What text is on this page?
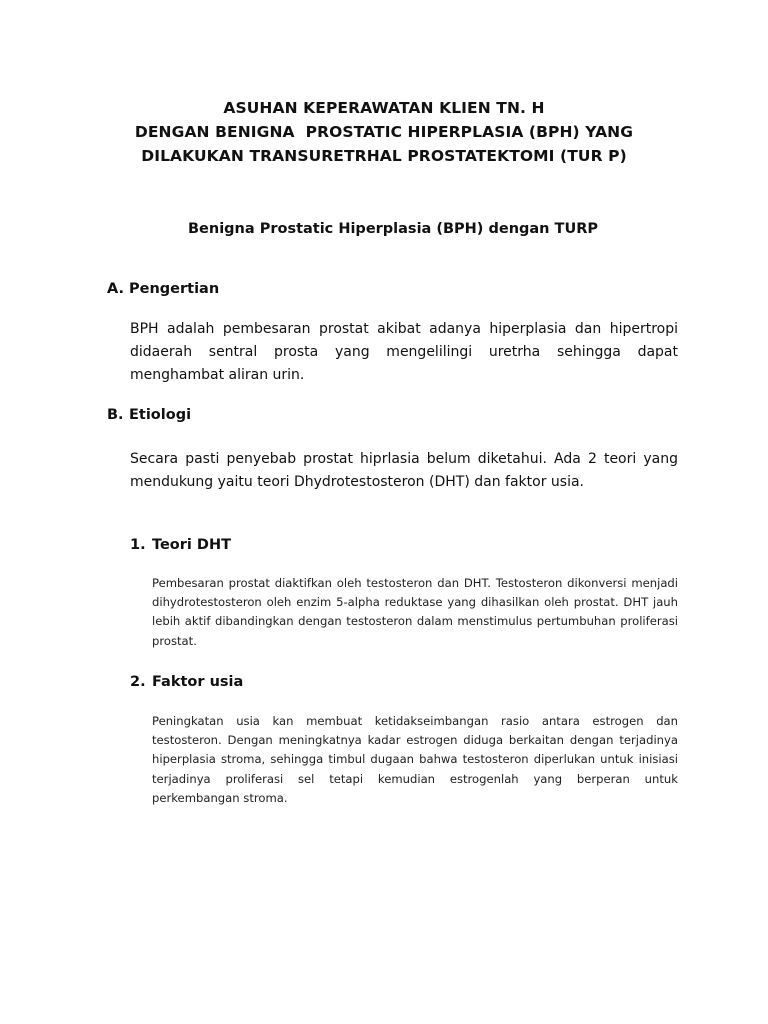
ASUHAN KEPERAWATAN KLIEN TN. H
DENGAN BENIGNA  PROSTATIC HIPERPLASIA (BPH) YANG
DILAKUKAN TRANSURETRHAL PROSTATEKTOMI (TUR P)
Benigna Prostatic Hiperplasia (BPH) dengan TURP
A. Pengertian
BPH adalah pembesaran prostat akibat adanya hiperplasia dan hipertropi didaerah sentral prosta yang mengelilingi uretrha sehingga dapat menghambat aliran urin.
B. Etiologi
Secara pasti penyebab prostat hiprlasia belum diketahui. Ada 2 teori yang mendukung yaitu teori Dhydrotestosteron (DHT) dan faktor usia.
1. Teori DHT
Pembesaran prostat diaktifkan oleh testosteron dan DHT. Testosteron dikonversi menjadi dihydrotestosteron oleh enzim 5-alpha reduktase yang dihasilkan oleh prostat. DHT jauh lebih aktif dibandingkan dengan testosteron dalam menstimulus pertumbuhan proliferasi prostat.
2. Faktor usia
Peningkatan usia kan membuat ketidakseimbangan rasio antara estrogen dan testosteron. Dengan meningkatnya kadar estrogen diduga berkaitan dengan terjadinya hiperplasia stroma, sehingga timbul dugaan bahwa testosteron diperlukan untuk inisiasi terjadinya proliferasi sel tetapi kemudian estrogenlah yang berperan untuk perkembangan stroma.
